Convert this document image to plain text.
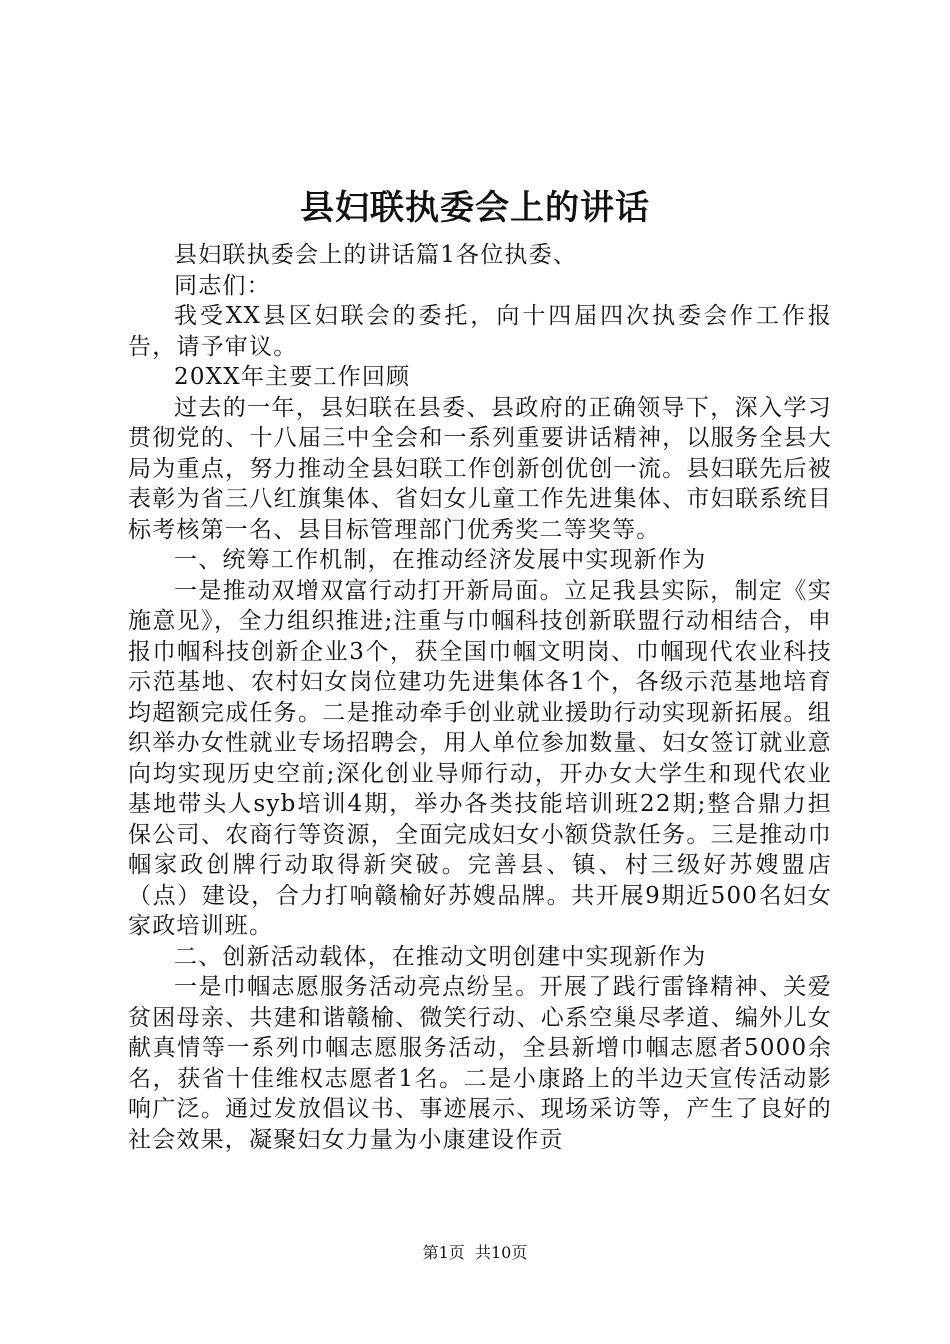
县妇联执委会上的讲话

县妇联执委会上的讲话篇1各位执委、

同志们：

我受XX县区妇联会的委托，向十四届四次执委会作工作报告，请予审议。

20XX年主要工作回顾

过去的一年，县妇联在县委、县政府的正确领导下，深入学习贯彻党的、十八届三中全会和一系列重要讲话精神，以服务全县大局为重点，努力推动全县妇联工作创新创优创一流。县妇联先后被表彰为省三八红旗集体、省妇女儿童工作先进集体、市妇联系统目标考核第一名、县目标管理部门优秀奖二等奖等。

一、统筹工作机制，在推动经济发展中实现新作为

一是推动双增双富行动打开新局面。立足我县实际，制定《实施意见》，全力组织推进;注重与巾帼科技创新联盟行动相结合，申报巾帼科技创新企业3个，获全国巾帼文明岗、巾帼现代农业科技示范基地、农村妇女岗位建功先进集体各1个，各级示范基地培育均超额完成任务。二是推动牵手创业就业援助行动实现新拓展。组织举办女性就业专场招聘会，用人单位参加数量、妇女签订就业意向均实现历史空前;深化创业导师行动，开办女大学生和现代农业基地带头人syb培训4期，举办各类技能培训班22期;整合鼎力担保公司、农商行等资源，全面完成妇女小额贷款任务。三是推动巾帼家政创牌行动取得新突破。完善县、镇、村三级好苏嫂盟店（点）建设，合力打响赣榆好苏嫂品牌。共开展9期近500名妇女家政培训班。

二、创新活动载体，在推动文明创建中实现新作为

一是巾帼志愿服务活动亮点纷呈。开展了践行雷锋精神、关爱贫困母亲、共建和谐赣榆、微笑行动、心系空巢尽孝道、编外儿女献真情等一系列巾帼志愿服务活动，全县新增巾帼志愿者5000余名，获省十佳维权志愿者1名。二是小康路上的半边天宣传活动影响广泛。通过发放倡议书、事迹展示、现场采访等，产生了良好的社会效果，凝聚妇女力量为小康建设作贡

第1页 共10页
